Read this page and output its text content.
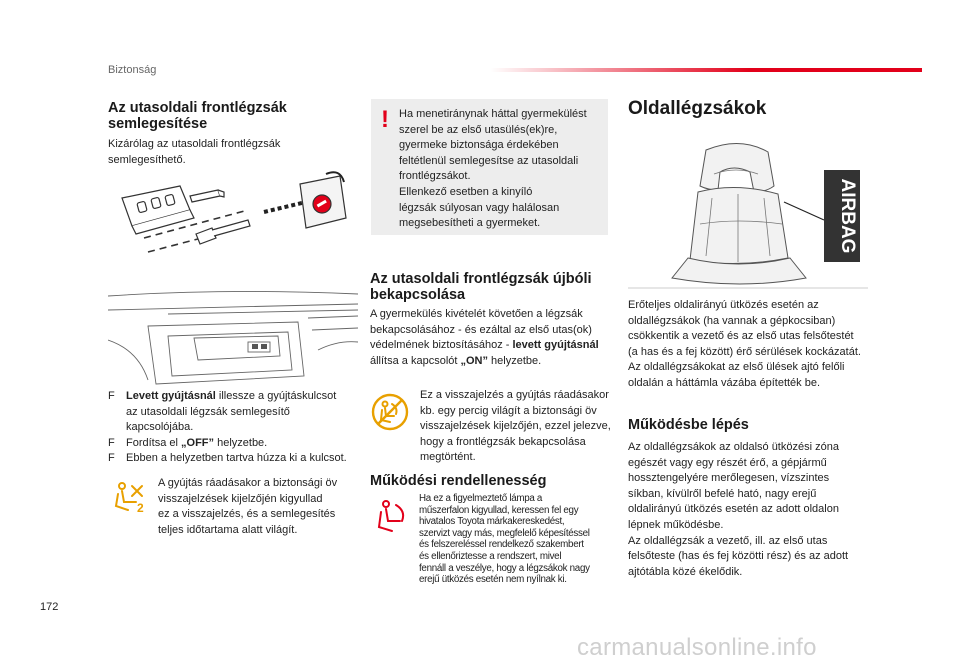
Biztonság
Az utasoldali frontlégzsák
semlegesítése
Kizárólag az utasoldali frontlégzsák
semlegesíthető.
F	Levett gyújtásnál illessze a gyújtáskulcsot
az utasoldali légzsák semlegesítő
kapcsolójába.
F	Fordítsa el „OFF” helyzetbe.
F	Ebben a helyzetben tartva húzza ki a kulcsot.
2
A gyújtás ráadásakor a biztonsági öv
visszajelzések kijelzőjén kigyullad
ez a visszajelzés, és a semlegesítés
teljes időtartama alatt világít.
! Ha menetiránynak háttal gyermekülést
szerel be az első utasülés(ek)re,
gyermeke biztonsága érdekében
feltétlenül semlegesítse az utasoldali
frontlégzsákot.
Ellenkező esetben a kinyíló
légzsák súlyosan vagy halálosan
megsebesítheti a gyermeket.
Az utasoldali frontlégzsák újbóli
bekapcsolása
A gyermekülés kivételét követően a légzsák
bekapcsolásához - és ezáltal az első utas(ok)
védelmének biztosításához - levett gyújtásnál
állítsa a kapcsolót „ON” helyzetbe.
Ez a visszajelzés a gyújtás ráadásakor
kb. egy percig világít a biztonsági öv
visszajelzések kijelzőjén, ezzel jelezve,
hogy a frontlégzsák bekapcsolása
megtörtént.
Működési rendellenesség
Ha ez a figyelmeztető lámpa a
műszerfalon kigyullad, keressen fel egy
hivatalos Toyota márkakereskedést,
szervizt vagy más, megfelelő képesítéssel
és felszereléssel rendelkező szakembert
és ellenőriztesse a rendszert, mivel
fennáll a veszélye, hogy a légzsákok nagy
erejű ütközés esetén nem nyílnak ki.
Oldallégzsákok
AIRBAG
Erőteljes oldalirányú ütközés esetén az
oldallégzsákok (ha vannak a gépkocsiban)
csökkentik a vezető és az első utas felsőtestét
(a has és a fej között) érő sérülések kockázatát.
Az oldallégzsákokat az első ülések ajtó felőli
oldalán a háttámla vázába építették be.
Működésbe lépés
Az oldallégzsákok az oldalsó ütközési zóna
egészét vagy egy részét érő, a gépjármű
hossztengelyére merőlegesen, vízszintes
síkban, kívülről befelé ható, nagy erejű
oldalirányú ütközés esetén az adott oldalon
lépnek működésbe.
Az oldallégzsák a vezető, ill. az első utas
felsőteste (has és fej közötti rész) és az adott
ajtótábla közé ékelődik.
172
carmanualsonline.info
